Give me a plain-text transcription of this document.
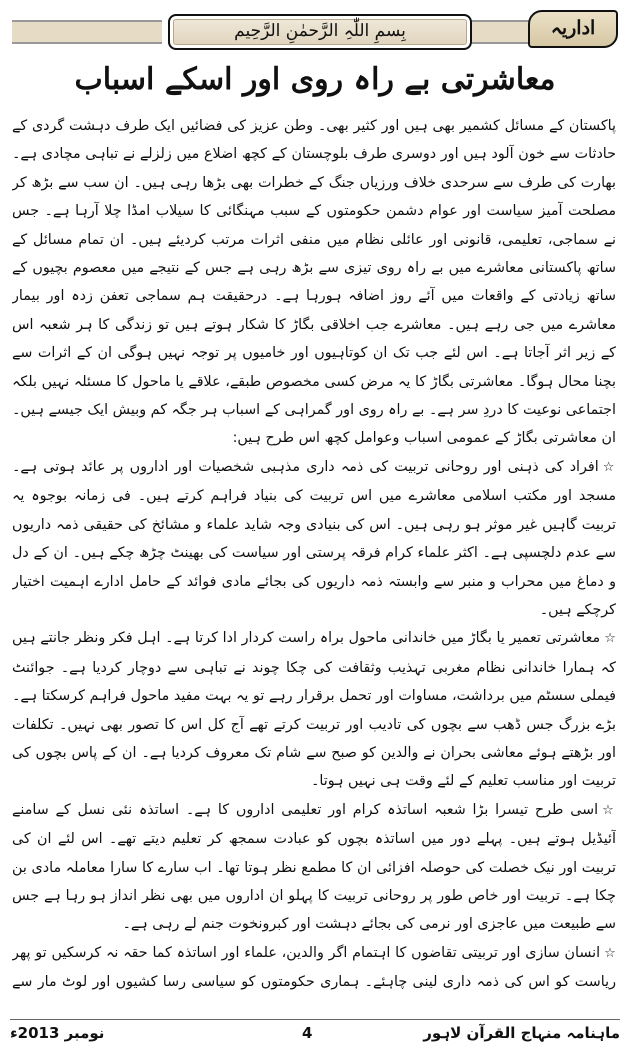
بِسمِ اللّٰہِ الرَّحمٰنِ الرَّحِیم	اداریہ
معاشرتی بے راہ روی اور اسکے اسباب

پاکستان کے مسائل کشمیر بھی ہیں اور کثیر بھی۔ وطن عزیز کی فضائیں ایک طرف دہشت گردی کے حادثات سے خون آلود ہیں اور دوسری طرف بلوچستان کے کچھ اضلاع میں زلزلے نے تباہی مچادی ہے۔ بھارت کی طرف سے سرحدی خلاف ورزیاں جنگ کے خطرات بھی بڑھا رہی ہیں۔ ان سب سے بڑھ کر مصلحت آمیز سیاست اور عوام دشمن حکومتوں کے سبب مہنگائی کا سیلاب امڈا چلا آرہا ہے۔ جس نے سماجی، تعلیمی، قانونی اور عائلی نظام میں منفی اثرات مرتب کردیئے ہیں۔ ان تمام مسائل کے ساتھ پاکستانی معاشرے میں بے راہ روی تیزی سے بڑھ رہی ہے جس کے نتیجے میں معصوم بچیوں کے ساتھ زیادتی کے واقعات میں آئے روز اضافہ ہورہا ہے۔ درحقیقت ہم سماجی تعفن زدہ اور بیمار معاشرے میں جی رہے ہیں۔ معاشرے جب اخلاقی بگاڑ کا شکار ہوتے ہیں تو زندگی کا ہر شعبہ اس کے زیر اثر آجاتا ہے۔ اس لئے جب تک ان کوتاہیوں اور خامیوں پر توجہ نہیں ہوگی ان کے اثرات سے بچنا محال ہوگا۔ معاشرتی بگاڑ کا یہ مرض کسی مخصوص طبقے، علاقے یا ماحول کا مسئلہ نہیں بلکہ اجتماعی نوعیت کا دردِ سر ہے۔ بے راہ روی اور گمراہی کے اسباب ہر جگہ کم وبیش ایک جیسے ہیں۔ ان معاشرتی بگاڑ کے عمومی اسباب وعوامل کچھ اس طرح ہیں:

☆افراد کی ذہنی اور روحانی تربیت کی ذمہ داری مذہبی شخصیات اور اداروں پر عائد ہوتی ہے۔ مسجد اور مکتب اسلامی معاشرے میں اس تربیت کی بنیاد فراہم کرتے ہیں۔ فی زمانہ بوجوہ یہ تربیت گاہیں غیر موثر ہو رہی ہیں۔ اس کی بنیادی وجہ شاید علماء و مشائخ کی حقیقی ذمہ داریوں سے عدم دلچسپی ہے۔ اکثر علماء کرام فرقہ پرستی اور سیاست کی بھینٹ چڑھ چکے ہیں۔ ان کے دل و دماغ میں محراب و منبر سے وابستہ ذمہ داریوں کی بجائے مادی فوائد کے حامل ادارے اہمیت اختیار کرچکے ہیں۔

☆معاشرتی تعمیر یا بگاڑ میں خاندانی ماحول براہ راست کردار ادا کرتا ہے۔ اہل فکر ونظر جانتے ہیں کہ ہمارا خاندانی نظام مغربی تہذیب وثقافت کی چکا چوند نے تباہی سے دوچار کردیا ہے۔ جوائنٹ فیملی سسٹم میں برداشت، مساوات اور تحمل برقرار رہے تو یہ بہت مفید ماحول فراہم کرسکتا ہے۔ بڑے بزرگ جس ڈھب سے بچوں کی تادیب اور تربیت کرتے تھے آج کل اس کا تصور بھی نہیں۔ تکلفات اور بڑھتے ہوئے معاشی بحران نے والدین کو صبح سے شام تک معروف کردیا ہے۔ ان کے پاس بچوں کی تربیت اور مناسب تعلیم کے لئے وقت ہی نہیں ہوتا۔

☆اسی طرح تیسرا بڑا شعبہ اساتذہ کرام اور تعلیمی اداروں کا ہے۔ اساتذہ نئی نسل کے سامنے آئیڈیل ہوتے ہیں۔ پہلے دور میں اساتذہ بچوں کو عبادت سمجھ کر تعلیم دیتے تھے۔ اس لئے ان کی تربیت اور نیک خصلت کی حوصلہ افزائی ان کا مطمع نظر ہوتا تھا۔ اب سارے کا سارا معاملہ مادی بن چکا ہے۔ تربیت اور خاص طور پر روحانی تربیت کا پہلو ان اداروں میں بھی نظر انداز ہو رہا ہے جس سے طبیعت میں عاجزی اور نرمی کی بجائے دہشت اور کبرونخوت جنم لے رہی ہے۔

☆انسان سازی اور تربیتی تقاضوں کا اہتمام اگر والدین، علماء اور اساتذہ کما حقہ نہ کرسکیں تو پھر ریاست کو اس کی ذمہ داری لینی چاہئے۔ ہماری حکومتوں کو سیاسی رسا کشیوں اور لوٹ مار سے

نومبر 2013ء	4	ماہنامہ منہاج القرآن لاہور
